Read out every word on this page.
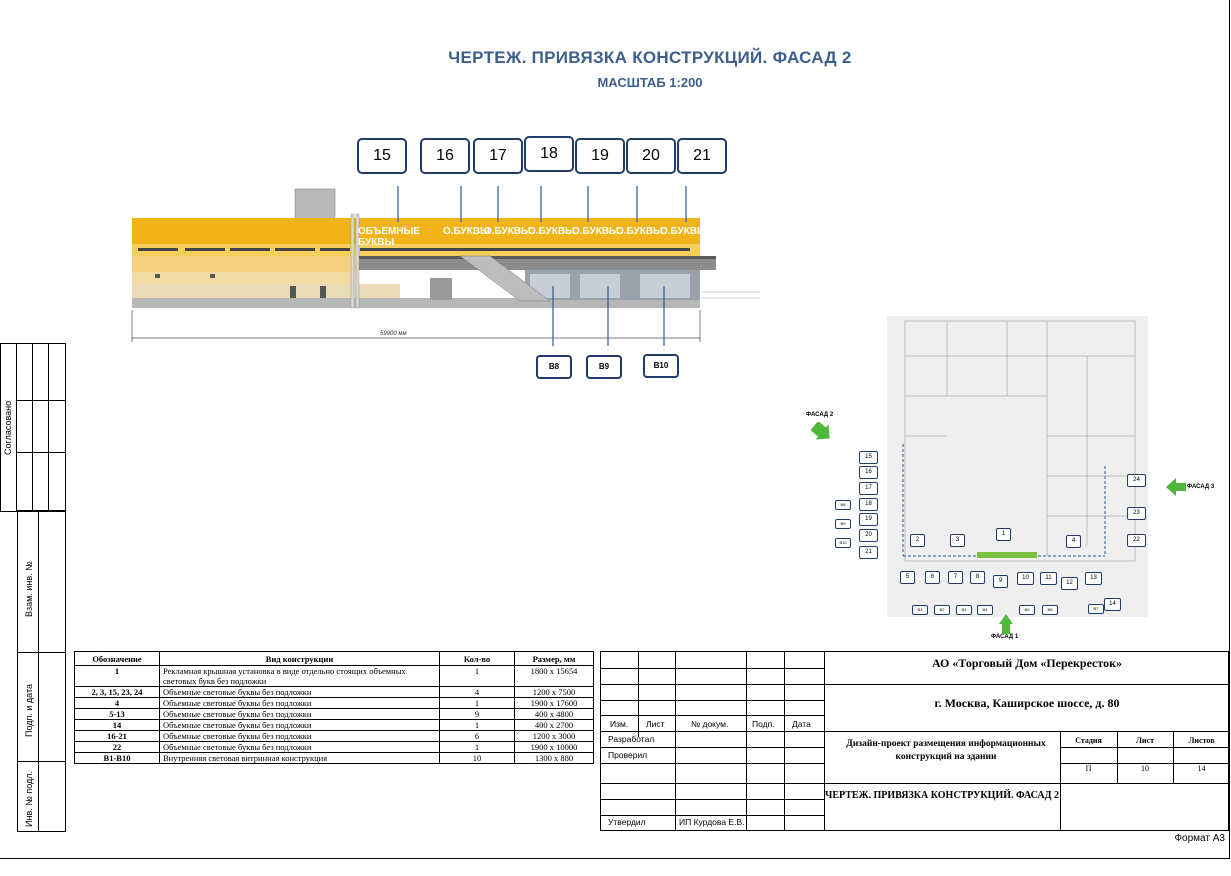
ЧЕРТЕЖ. ПРИВЯЗКА КОНСТРУКЦИЙ. ФАСАД 2
МАСШТАБ 1:200
ОБЪЕМНЫЕ БУКВЫ
О.БУКВЫ
О.БУКВЫ
О.БУКВЫ
О.БУКВЫ
О.БУКВЫ
О.БУКВЫ
15	16	17	18	19	20	21
В8	В9	В10
59900 мм
ФАСАД 2
ФАСАД 3
ФАСАД 1
15
16
17
18
19
20
21
В8
В9
В10	2	3
1
4
24
23
22
5	6	7	8
9	10	11
12
13
14
В1	В2	В3	В4	В5	В6	В7
Согласовано
Взам. инв. №
Подп. и дата
Инв. № подл.
Обозначение	Вид конструкции	Кол-во	Размер, мм
1	Рекламная крышная установка в виде отдельно стоящих объемных световых букв без подложки	1	1800 х 15654
2, 3, 15, 23, 24	Объемные световые буквы без подложки	4	1200 х 7500
4	Объемные световые буквы без подложки	1	1900 х 17600
5-13	Объемные световые буквы без подложки	9	400 х 4800
14	Объемные световые буквы без подложки	1	400 х 2700
16-21	Объемные световые буквы без подложки	6	1200 х 3000
22	Объемные световые буквы без подложки	1	1900 х 10000
В1-В10	Внутренняя световая витринная конструкция	10	1300 х 880
Изм. Лист	№ докум.	Подп. Дата
Разработал
Проверил
Утвердил	ИП Курдова Е.В.
АО «Торговый Дом «Перекресток»
г. Москва, Каширское шоссе, д. 80
Дизайн-проект размещения информационных конструкций на здании
Стадия	Лист	Листов
П	10	14
ЧЕРТЕЖ. ПРИВЯЗКА КОНСТРУКЦИЙ. ФАСАД 2
Формат А3
